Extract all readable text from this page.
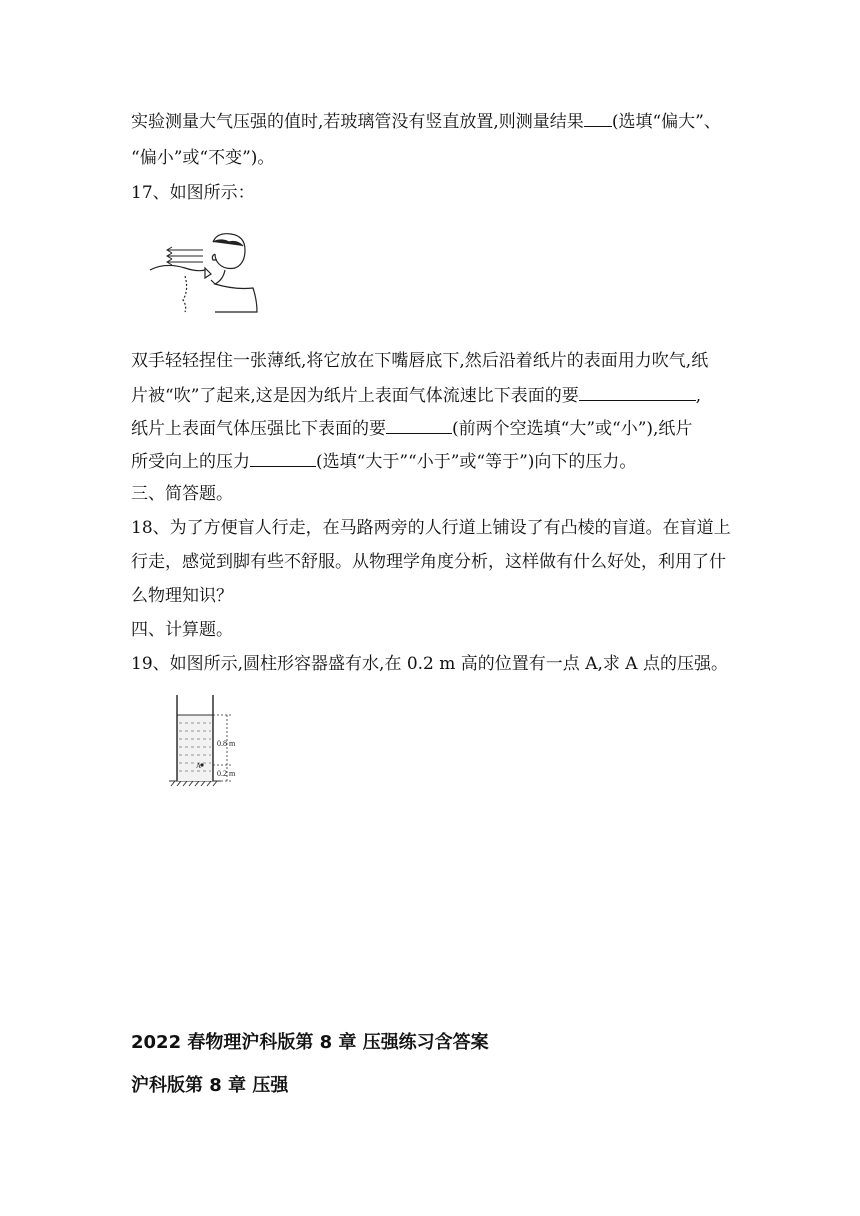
实验测量大气压强的值时,若玻璃管没有竖直放置,则测量结果 (选填“偏大”、
“偏小”或“不变”)。
17、如图所示：
双手轻轻捏住一张薄纸,将它放在下嘴唇底下,然后沿着纸片的表面用力吹气,纸
片被“吹”了起来,这是因为纸片上表面气体流速比下表面的要	,
纸片上表面气体压强比下表面的要	(前两个空选填“大”或“小”),纸片
所受向上的压力	(选填“大于”“小于”或“等于”)向下的压力。
三、简答题。
18、为了方便盲人行走，在马路两旁的人行道上铺设了有凸棱的盲道。在盲道上
行走，感觉到脚有些不舒服。从物理学角度分析，这样做有什么好处，利用了什
么物理知识？
四、计算题。
19、如图所示,圆柱形容器盛有水,在 0.2 m 高的位置有一点 A,求 A 点的压强。
A
0.8 m
0.2 m
2022 春物理沪科版第 8 章 压强练习含答案
沪科版第 8 章 压强
